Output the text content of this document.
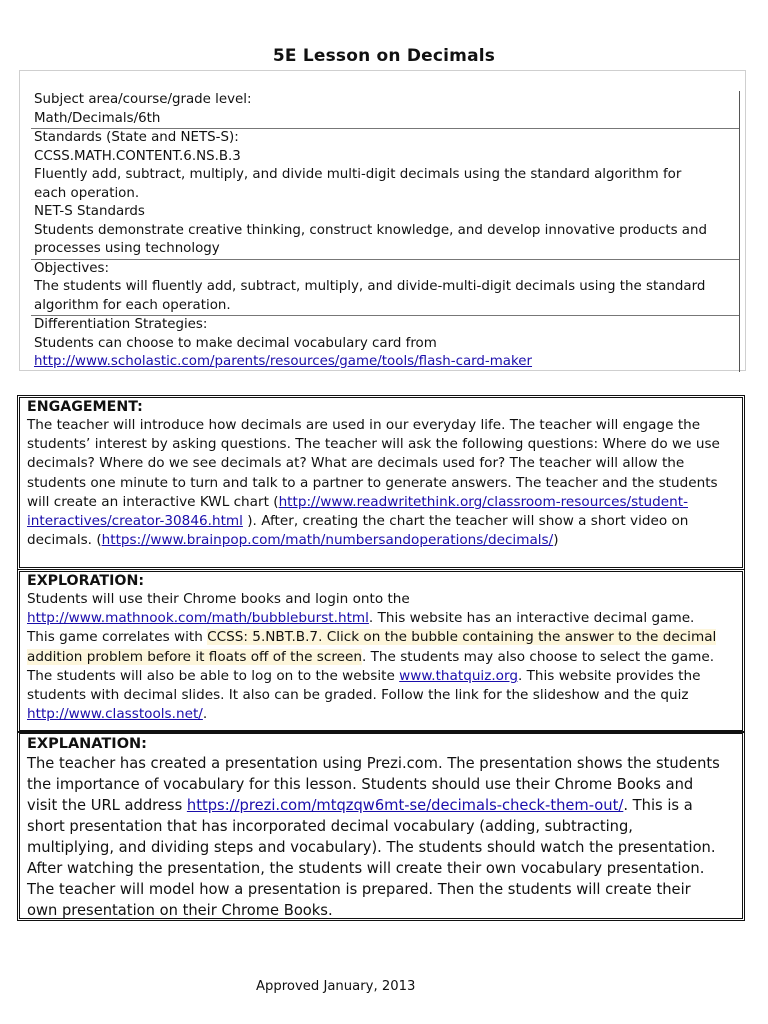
5E Lesson on Decimals
Subject area/course/grade level:
Math/Decimals/6th
Standards (State and NETS-S):
CCSS.MATH.CONTENT.6.NS.B.3
Fluently add, subtract, multiply, and divide multi-digit decimals using the standard algorithm for
each operation.
NET-S Standards
Students demonstrate creative thinking, construct knowledge, and develop innovative products and
processes using technology
Objectives:
The students will fluently add, subtract, multiply, and divide-multi-digit decimals using the standard
algorithm for each operation.
Differentiation Strategies:
Students can choose to make decimal vocabulary card from
http://www.scholastic.com/parents/resources/game/tools/flash-card-maker
ENGAGEMENT:
The teacher will introduce how decimals are used in our everyday life. The teacher will engage the
students’ interest by asking questions. The teacher will ask the following questions: Where do we use
decimals? Where do we see decimals at? What are decimals used for? The teacher will allow the
students one minute to turn and talk to a partner to generate answers. The teacher and the students
will create an interactive KWL chart (http://www.readwritethink.org/classroom-resources/student-
interactives/creator-30846.html ). After, creating the chart the teacher will show a short video on
decimals. (https://www.brainpop.com/math/numbersandoperations/decimals/)
EXPLORATION:
Students will use their Chrome books and login onto the
http://www.mathnook.com/math/bubbleburst.html. This website has an interactive decimal game.
This game correlates with CCSS: 5.NBT.B.7. Click on the bubble containing the answer to the decimal
addition problem before it floats off of the screen. The students may also choose to select the game.
The students will also be able to log on to the website www.thatquiz.org. This website provides the
students with decimal slides. It also can be graded. Follow the link for the slideshow and the quiz
http://www.classtools.net/.
EXPLANATION:
The teacher has created a presentation using Prezi.com. The presentation shows the students
the importance of vocabulary for this lesson. Students should use their Chrome Books and
visit the URL address https://prezi.com/mtqzqw6mt-se/decimals-check-them-out/. This is a
short presentation that has incorporated decimal vocabulary (adding, subtracting,
multiplying, and dividing steps and vocabulary). The students should watch the presentation.
After watching the presentation, the students will create their own vocabulary presentation.
The teacher will model how a presentation is prepared. Then the students will create their
own presentation on their Chrome Books.
Approved January, 2013
